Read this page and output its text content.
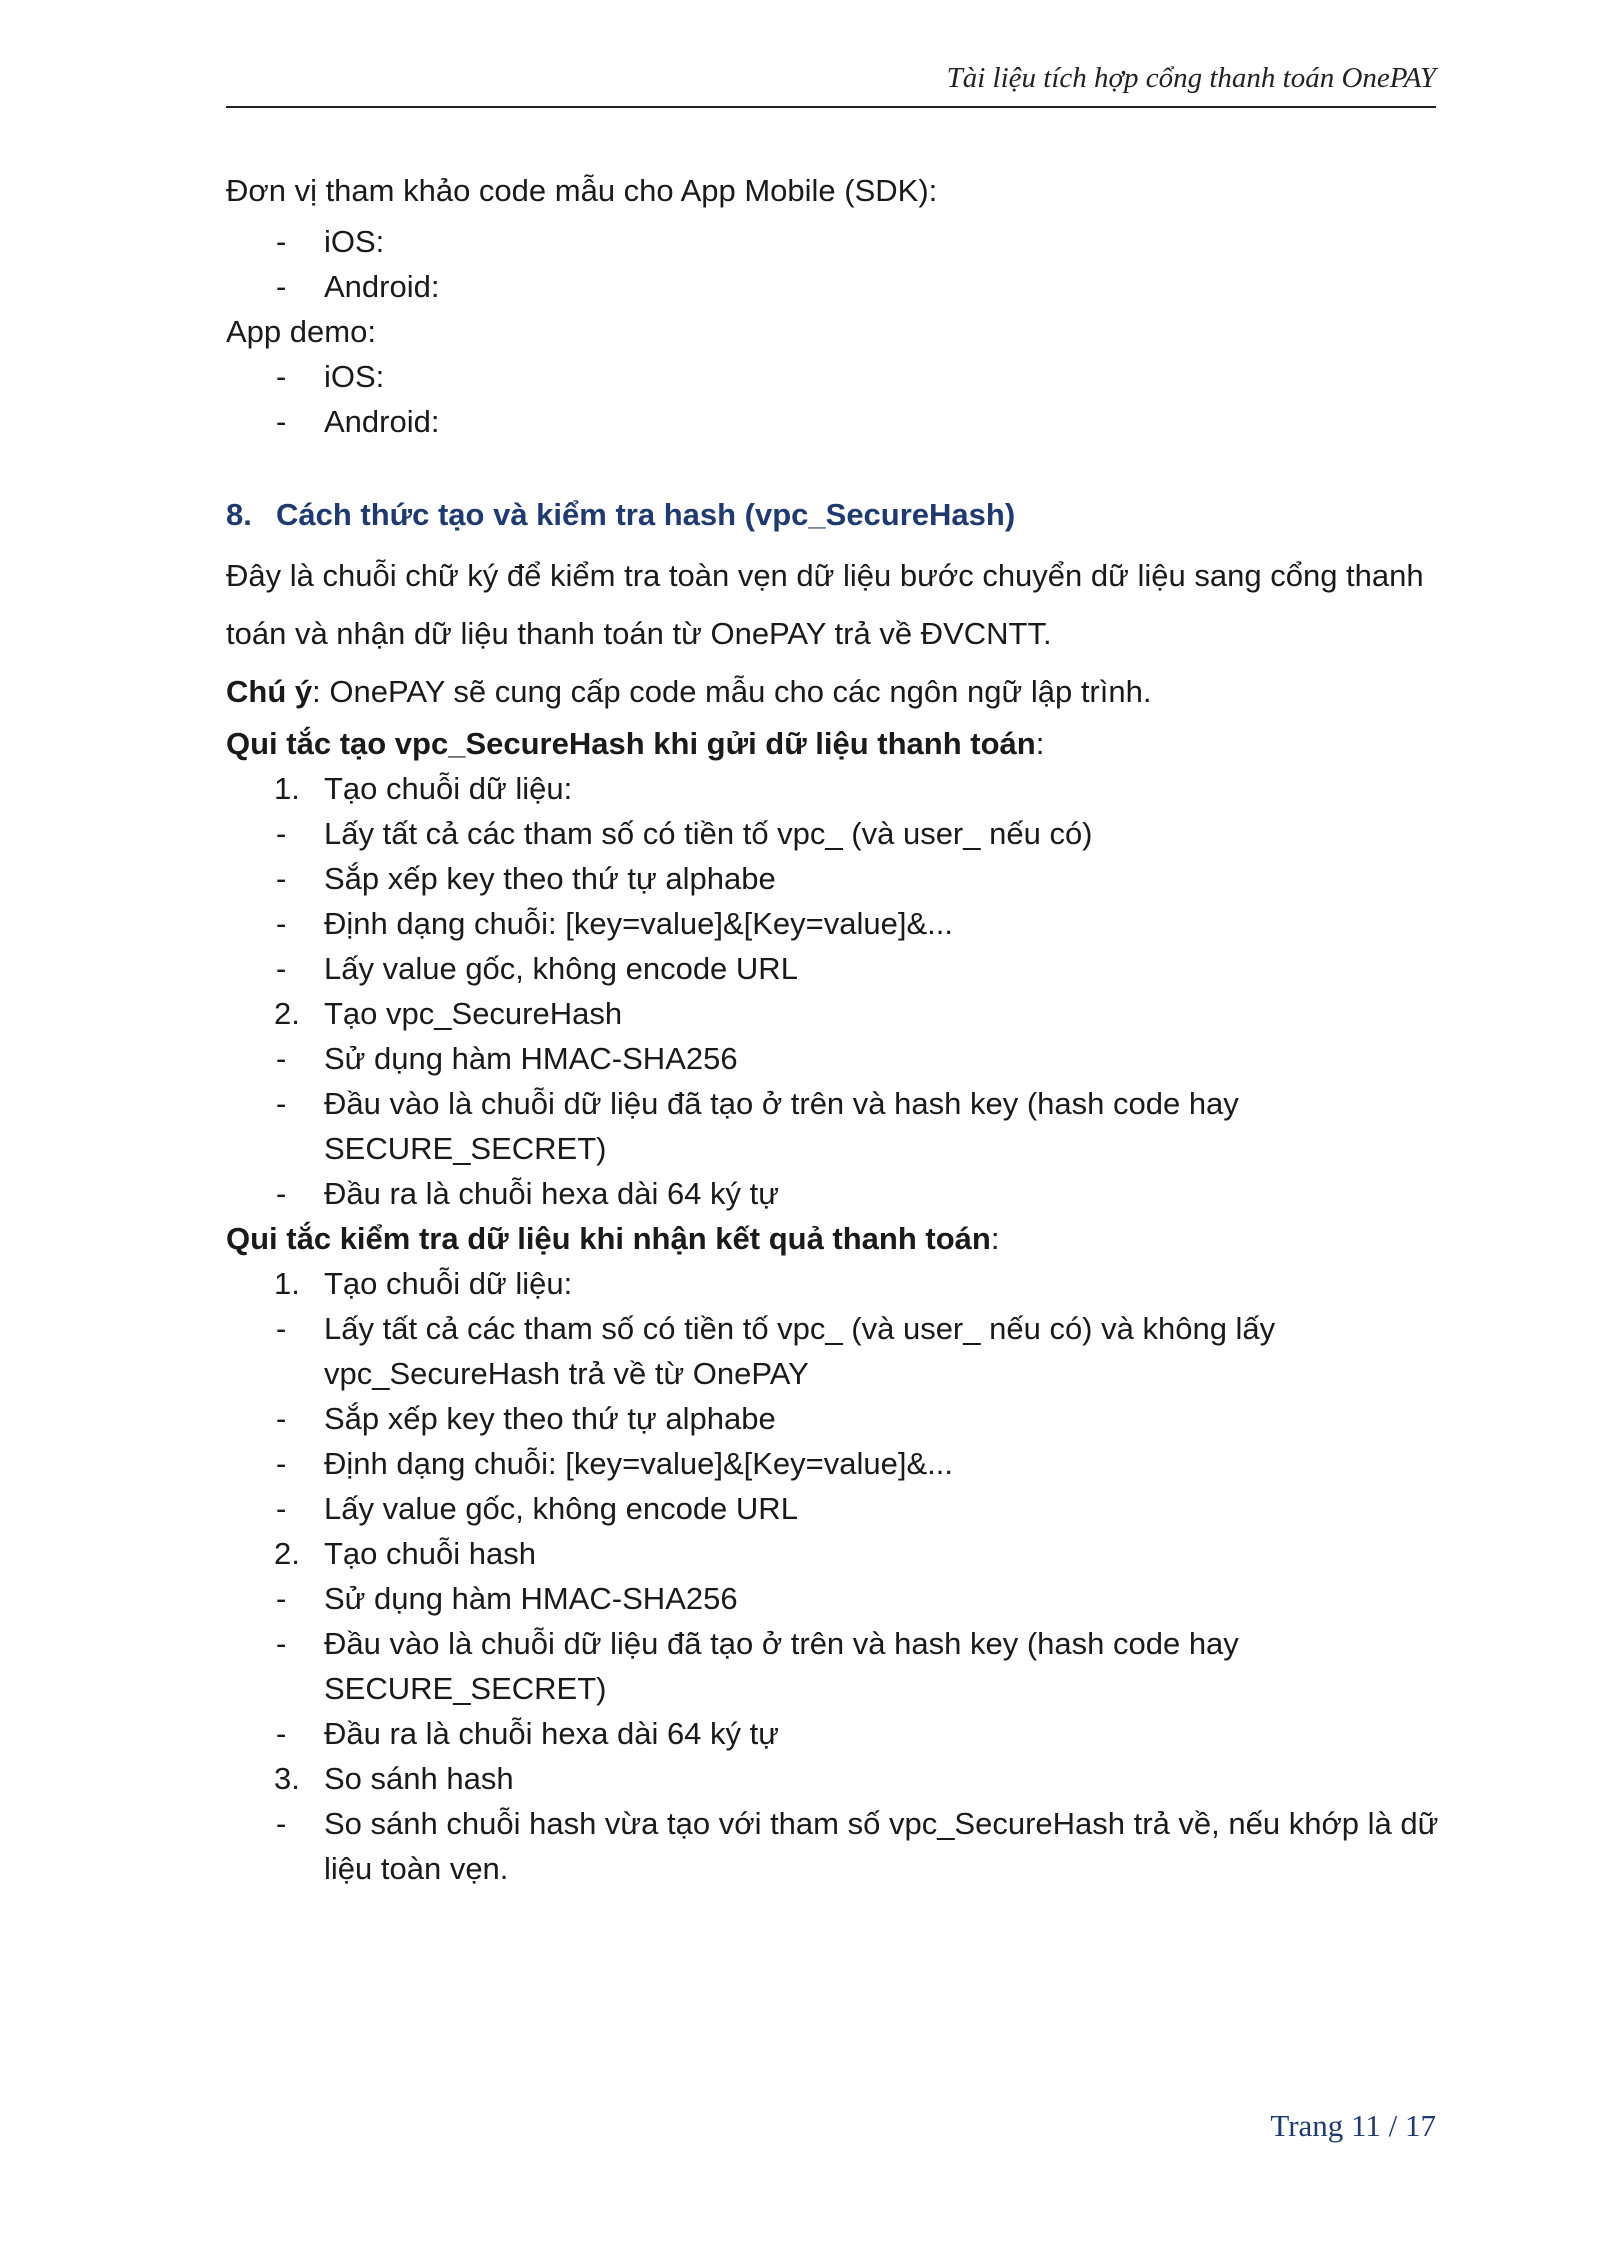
Tài liệu tích hợp cổng thanh toán OnePAY

Đơn vị tham khảo code mẫu cho App Mobile (SDK):

- iOS:
- Android:

App demo:

- iOS:
- Android:
8. Cách thức tạo và kiểm tra hash (vpc_SecureHash)

Đây là chuỗi chữ ký để kiểm tra toàn vẹn dữ liệu bước chuyển dữ liệu sang cổng thanh toán và nhận dữ liệu thanh toán từ OnePAY trả về ĐVCNTT.

Chú ý: OnePAY sẽ cung cấp code mẫu cho các ngôn ngữ lập trình.

Qui tắc tạo vpc_SecureHash khi gửi dữ liệu thanh toán:

1. Tạo chuỗi dữ liệu:
- Lấy tất cả các tham số có tiền tố vpc_ (và user_ nếu có)
- Sắp xếp key theo thứ tự alphabe
- Định dạng chuỗi: [key=value]&[Key=value]&...
- Lấy value gốc, không encode URL
2. Tạo vpc_SecureHash
- Sử dụng hàm HMAC-SHA256
- Đầu vào là chuỗi dữ liệu đã tạo ở trên và hash key (hash code hay SECURE_SECRET)
- Đầu ra là chuỗi hexa dài 64 ký tự

Qui tắc kiểm tra dữ liệu khi nhận kết quả thanh toán:

1. Tạo chuỗi dữ liệu:
- Lấy tất cả các tham số có tiền tố vpc_ (và user_ nếu có) và không lấy vpc_SecureHash trả về từ OnePAY
- Sắp xếp key theo thứ tự alphabe
- Định dạng chuỗi: [key=value]&[Key=value]&...
- Lấy value gốc, không encode URL
2. Tạo chuỗi hash
- Sử dụng hàm HMAC-SHA256
- Đầu vào là chuỗi dữ liệu đã tạo ở trên và hash key (hash code hay SECURE_SECRET)
- Đầu ra là chuỗi hexa dài 64 ký tự
3. So sánh hash
- So sánh chuỗi hash vừa tạo với tham số vpc_SecureHash trả về, nếu khớp là dữ liệu toàn vẹn.
Trang 11 / 17
